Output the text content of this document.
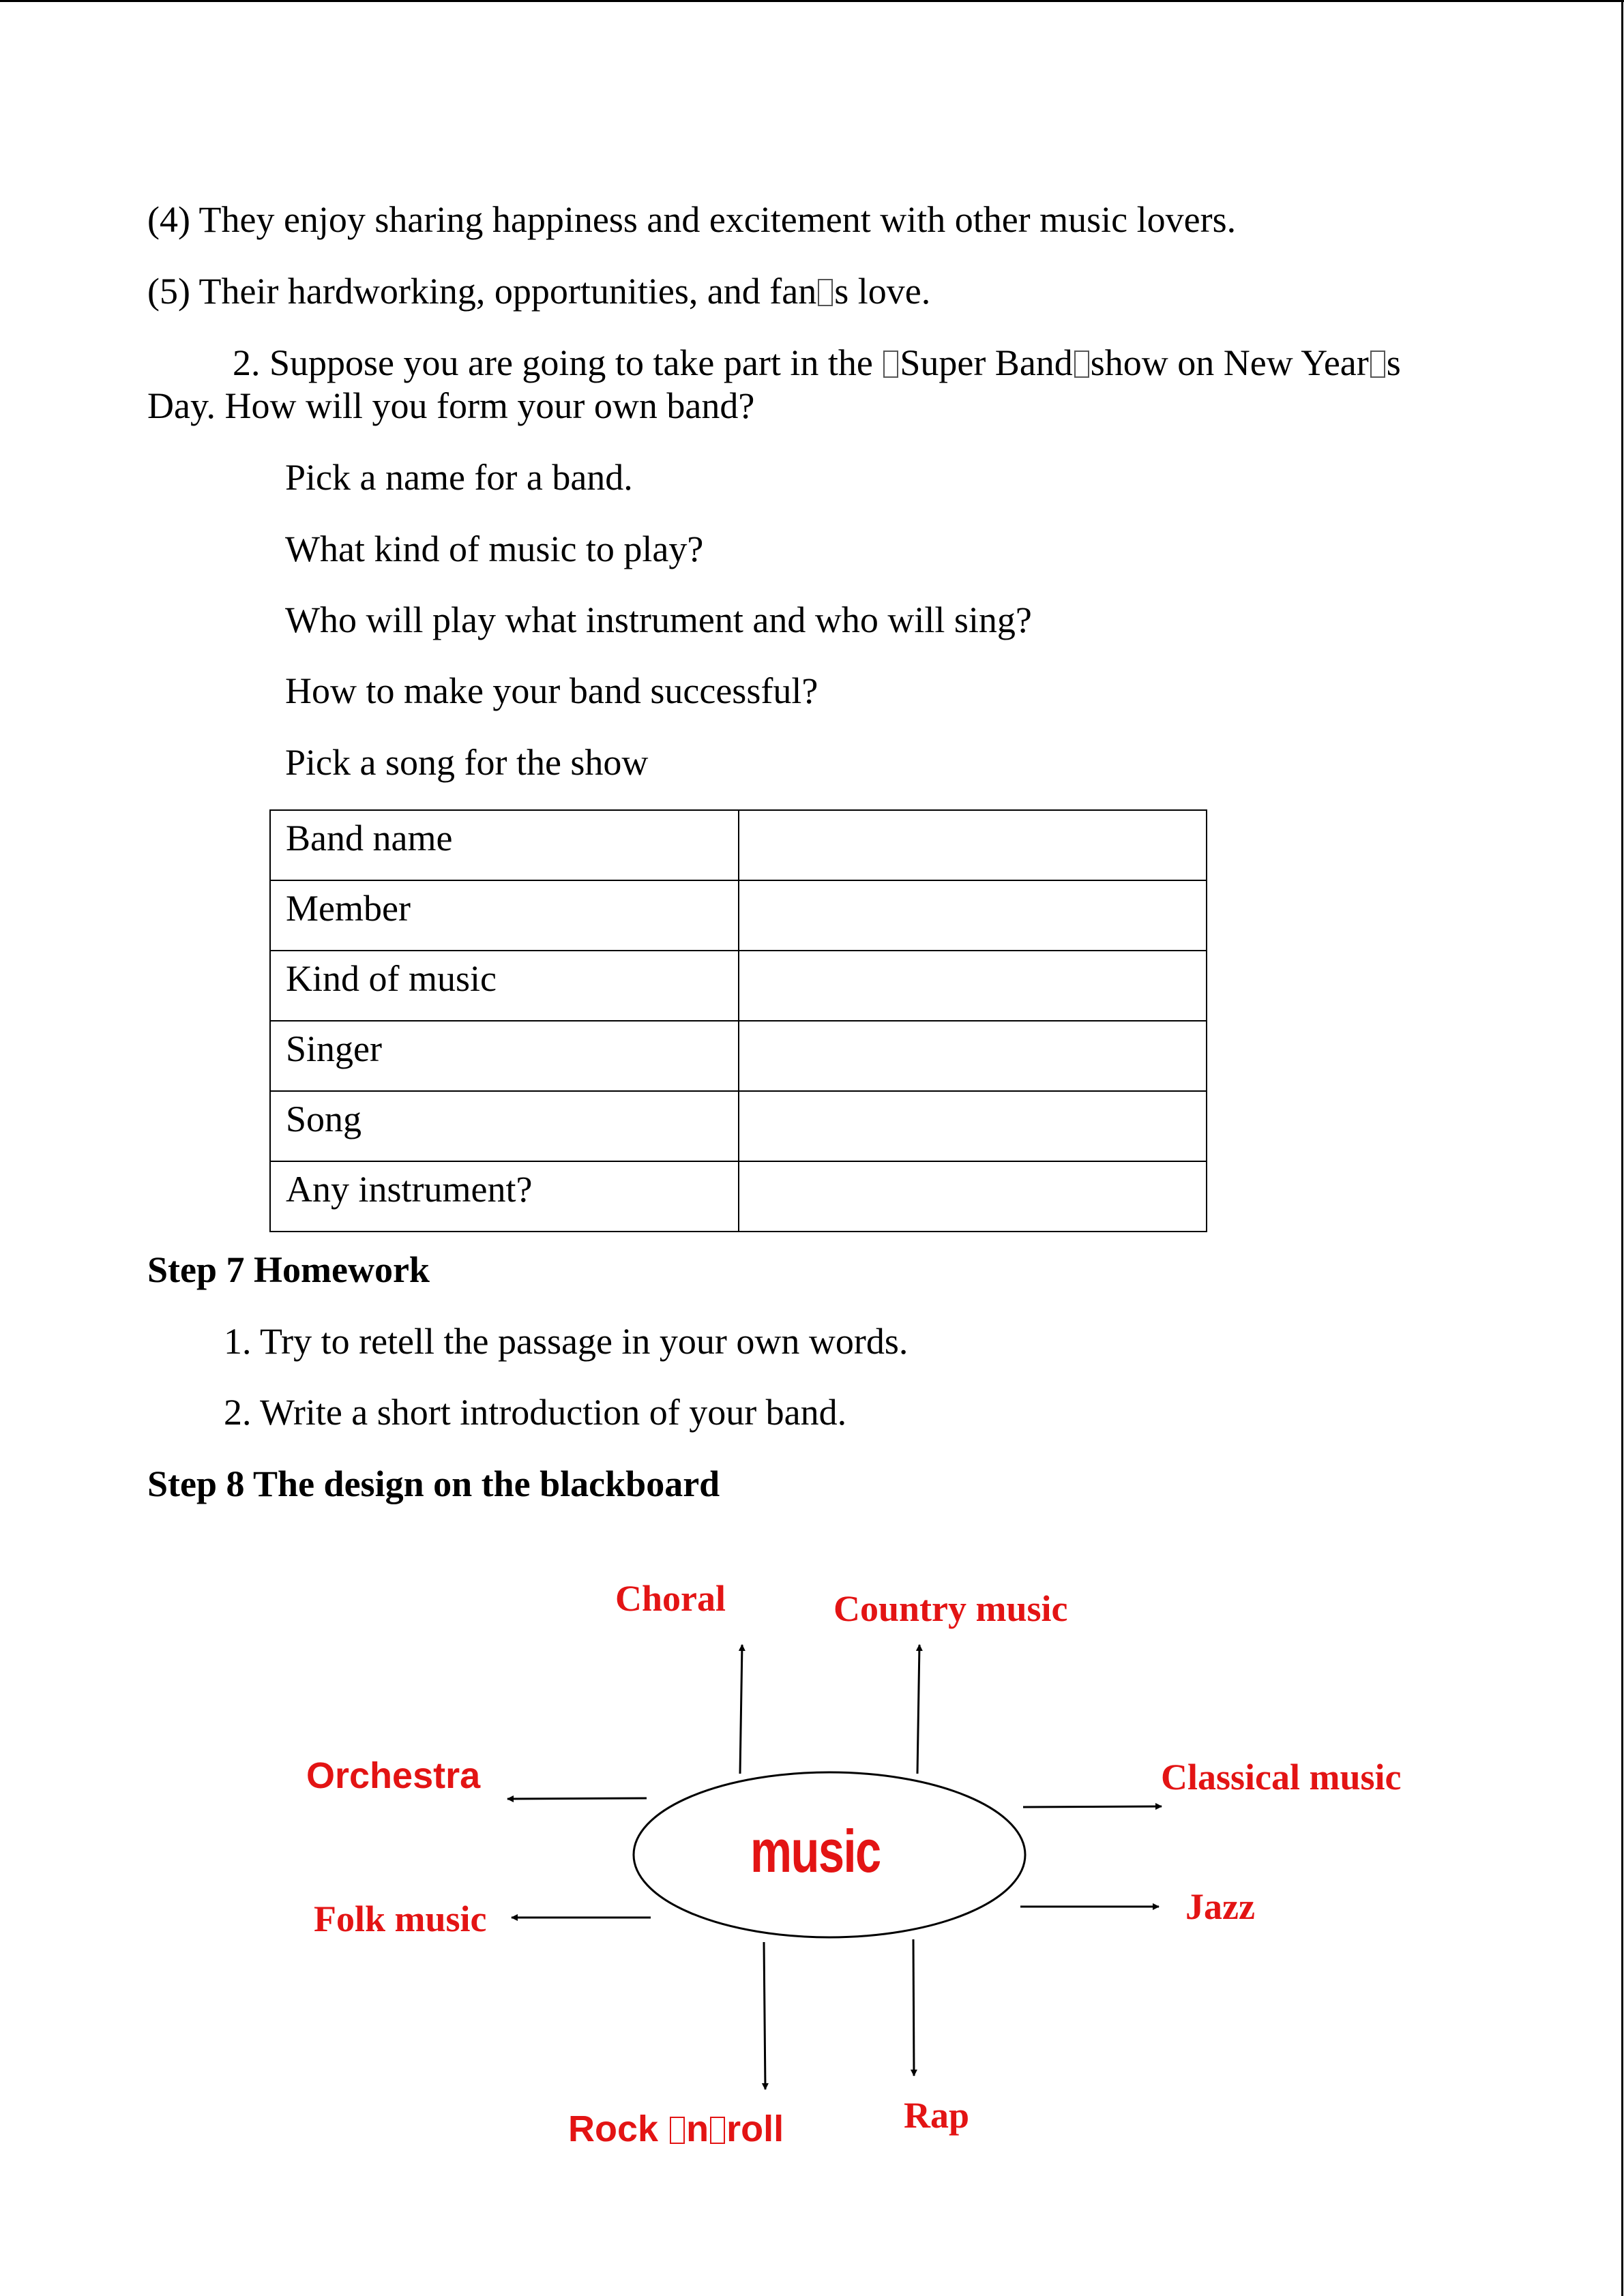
(4) They enjoy sharing happiness and excitement with other music lovers.
(5) Their hardworking, opportunities, and fan s love.
2. Suppose you are going to take part in the Super Band show on New Year s
Day. How will you form your own band?
Pick a name for a band.
What kind of music to play?
Who will play what instrument and who will sing?
How to make your band successful?
Pick a song for the show
Band name	
Member	
Kind of music	
Singer	
Song	
Any instrument?	
Step 7 Homework
1. Try to retell the passage in your own words.
2. Write a short introduction of your band.
Step 8 The design on the blackboard
music
Choral	Country music
Orchestra	Classical music
Folk music	Jazz
Rock n roll	Rap
